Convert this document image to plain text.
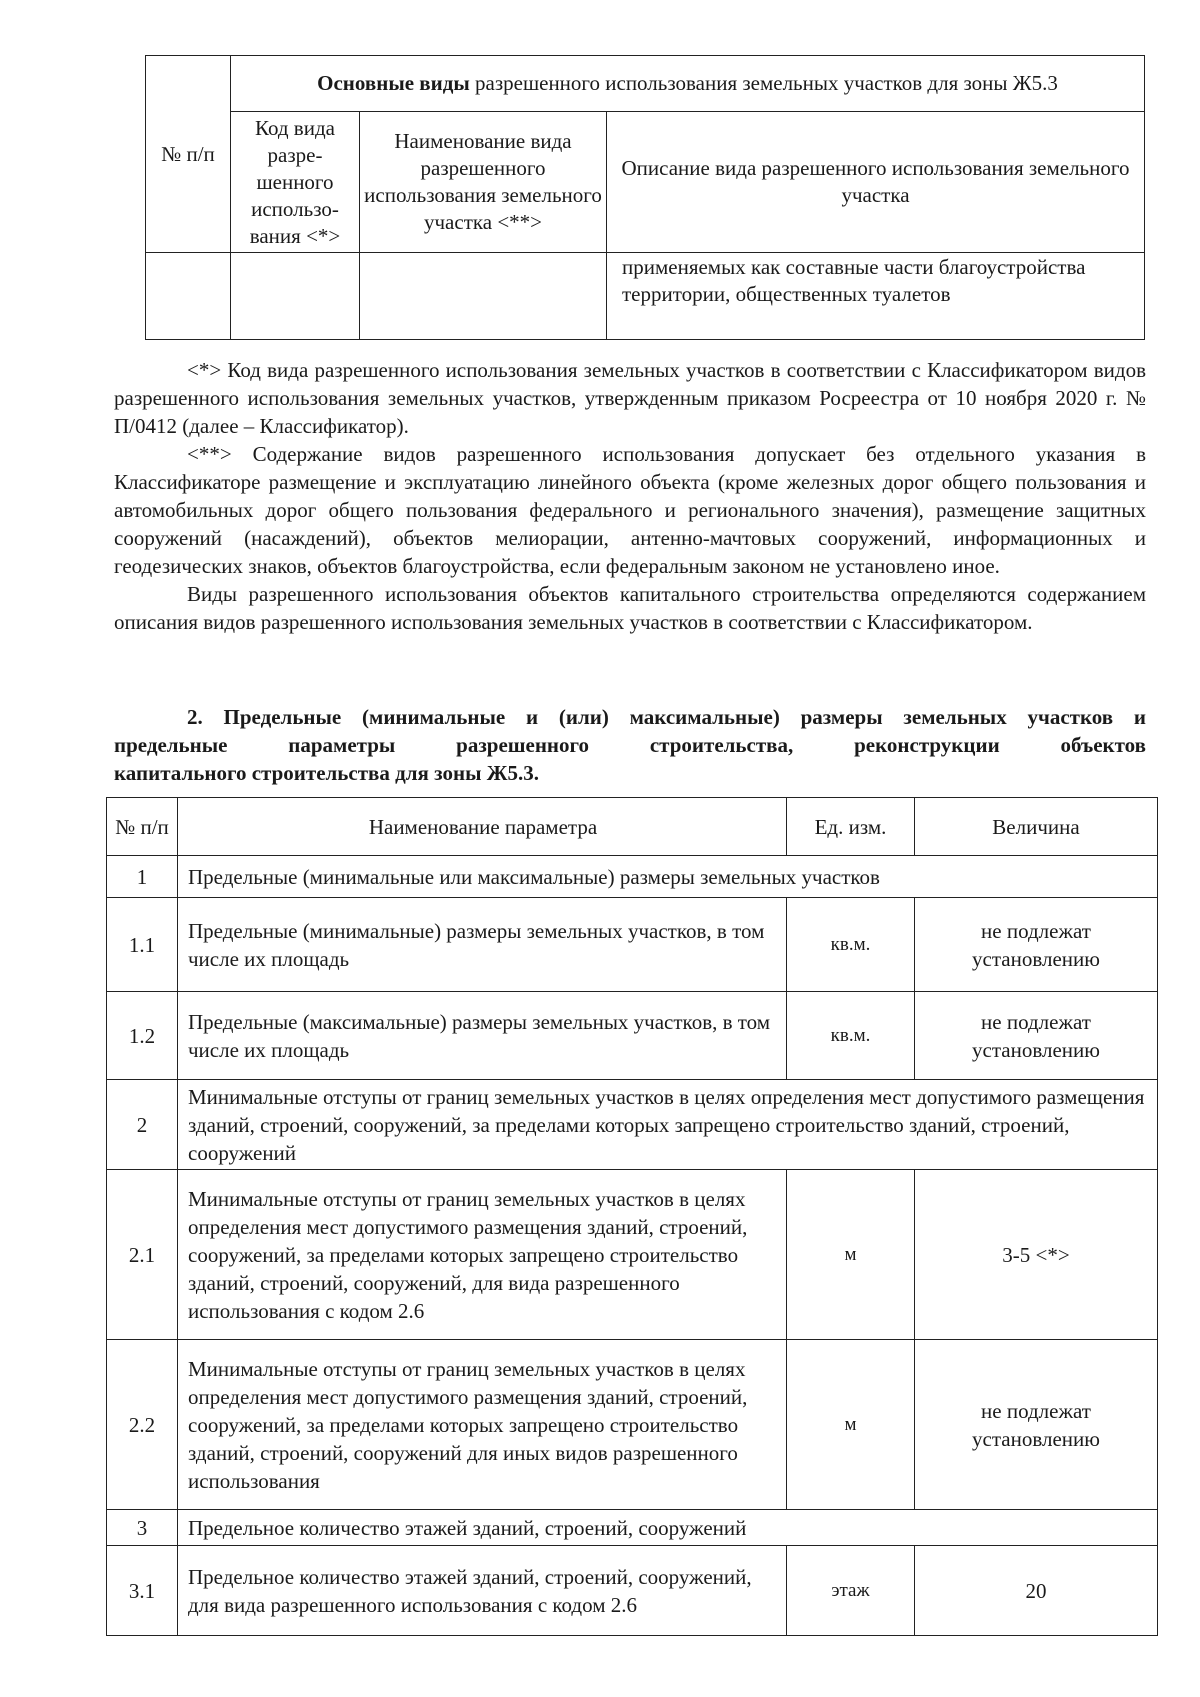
№ п/п	Основные виды разрешенного использования земельных участков для зоны Ж5.3		
	Код вида разре-шенного использо-вания <*>	Наименование вида разрешенного использования земельного участка <**>	Описание вида разрешенного использования земельного участка
			применяемых как составные части благоустройства территории, общественных туалетов

<*> Код вида разрешенного использования земельных участков в соответствии с Классификатором видов разрешенного использования земельных участков, утвержденным приказом Росреестра от 10 ноября 2020 г. № П/0412 (далее – Классификатор).

<**> Содержание видов разрешенного использования допускает без отдельного указания в Классификаторе размещение и эксплуатацию линейного объекта (кроме железных дорог общего пользования и автомобильных дорог общего пользования федерального и регионального значения), размещение защитных сооружений (насаждений), объектов мелиорации, антенно-мачтовых сооружений, информационных и геодезических знаков, объектов благоустройства, если федеральным законом не установлено иное.

Виды разрешенного использования объектов капитального строительства определяются содержанием описания видов разрешенного использования земельных участков в соответствии с Классификатором.

2. Предельные (минимальные и (или) максимальные) размеры земельных участков и

предельные параметры разрешенного строительства, реконструкции объектов
капитального строительства для зоны Ж5.3.
№ п/п	Наименование параметра	Ед. изм.	Величина
1	Предельные (минимальные или максимальные) размеры земельных участков		
1.1	Предельные (минимальные) размеры земельных участков, в том числе их площадь	кв.м.	не подлежат установлению
1.2	Предельные (максимальные) размеры земельных участков, в том числе их площадь	кв.м.	не подлежат установлению
2	Минимальные отступы от границ земельных участков в целях определения мест допустимого размещения зданий, строений, сооружений, за пределами которых запрещено строительство зданий, строений, сооружений		
2.1	Минимальные отступы от границ земельных участков в целях определения мест допустимого размещения зданий, строений, сооружений, за пределами которых запрещено строительство зданий, строений, сооружений, для вида разрешенного использования с кодом 2.6	м	3-5 <*>
2.2	Минимальные отступы от границ земельных участков в целях определения мест допустимого размещения зданий, строений, сооружений, за пределами которых запрещено строительство зданий, строений, сооружений для иных видов разрешенного использования	м	не подлежат установлению
3	Предельное количество этажей зданий, строений, сооружений		
3.1	Предельное количество этажей зданий, строений, сооружений, для вида разрешенного использования с кодом 2.6	этаж	20
